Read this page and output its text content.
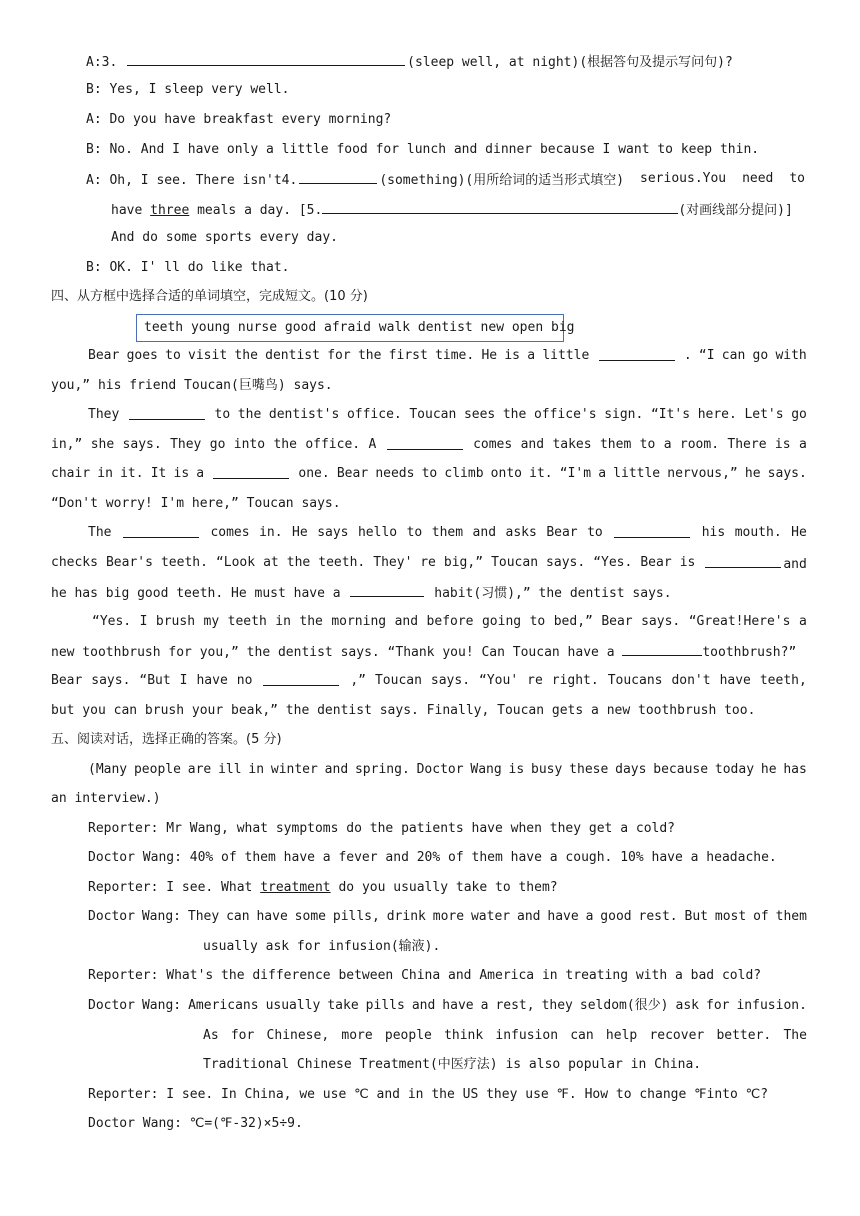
A:3.	(sleep well, at night)(根据答句及提示写问句)?
B: Yes, I sleep very well.
A: Do you have breakfast every morning?
B: No. And I have only a little food for lunch and dinner because I want to keep thin.
A: Oh, I see. There isn't4.	(something)(用所给词的适当形式填空) serious.You need to
have three meals a day. [5.	(对画线部分提问)]
And do some sports every day.
B: OK. I' ll do like that.
四、从方框中选择合适的单词填空，完成短文。(10 分)
teeth young nurse good afraid walk dentist new open big
Bear goes to visit the dentist for the first time. He is a little	. “I can go with
you,” his friend Toucan(巨嘴鸟) says.
They	to the dentist's office. Toucan sees the office's sign. “It's here. Let's go
in,” she says. They go into the office. A	comes and takes them to a room. There is a
chair in it. It is a	one. Bear needs to climb onto it. “I'm a little nervous,” he says.
“Don't worry! I'm here,” Toucan says.
The	comes in. He says hello to them and asks Bear to	his mouth. He
checks Bear's teeth. “Look at the teeth. They' re big,” Toucan says. “Yes. Bear is	and
he has big good teeth. He must have a	habit(习惯),” the dentist says.
“Yes. I brush my teeth in the morning and before going to bed,” Bear says. “Great!Here's a
new toothbrush for you,” the dentist says. “Thank you! Can Toucan have a	toothbrush?”
Bear says. “But I have no	,” Toucan says. “You' re right. Toucans don't have teeth,
but you can brush your beak,” the dentist says. Finally, Toucan gets a new toothbrush too.
五、阅读对话，选择正确的答案。(5 分)
(Many people are ill in winter and spring. Doctor Wang is busy these days because today he has
an interview.)
Reporter: Mr Wang, what symptoms do the patients have when they get a cold?
Doctor Wang: 40% of them have a fever and 20% of them have a cough. 10% have a headache.
Reporter: I see. What treatment do you usually take to them?
Doctor Wang: They can have some pills, drink more water and have a good rest. But most of them
usually ask for infusion(输液).
Reporter: What's the difference between China and America in treating with a bad cold?
Doctor Wang: Americans usually take pills and have a rest, they seldom(很少) ask for infusion.
As for Chinese, more people think infusion can help recover better. The
Traditional Chinese Treatment(中医疗法) is also popular in China.
Reporter: I see. In China, we use ℃ and in the US they use ℉. How to change ℉into ℃?
Doctor Wang: ℃=(℉-32)×5÷9.
